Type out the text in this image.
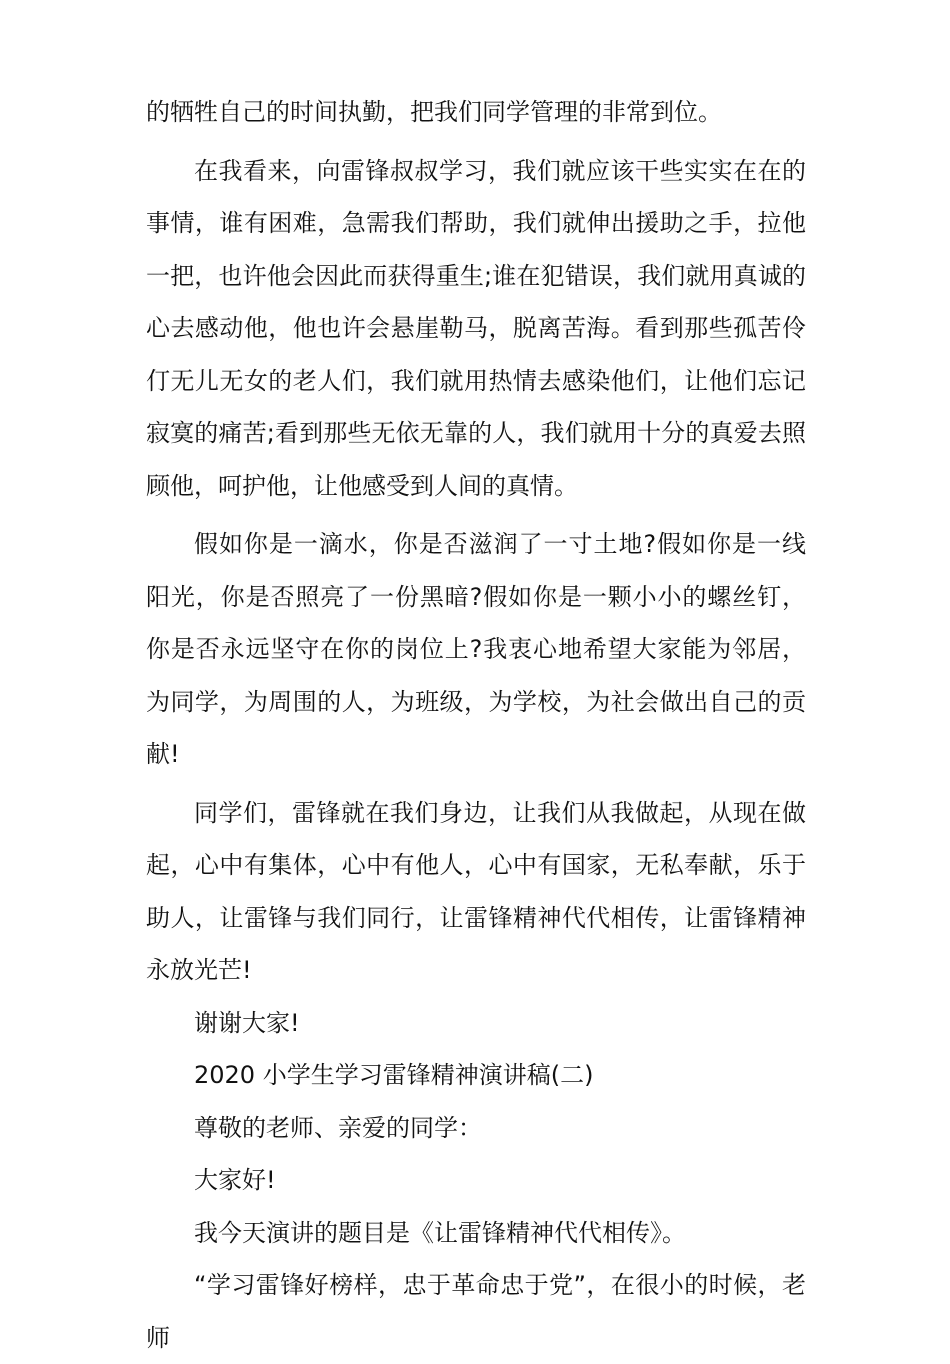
的牺牲自己的时间执勤，把我们同学管理的非常到位。

在我看来，向雷锋叔叔学习，我们就应该干些实实在在的事情，谁有困难，急需我们帮助，我们就伸出援助之手，拉他一把，也许他会因此而获得重生;谁在犯错误，我们就用真诚的心去感动他，他也许会悬崖勒马，脱离苦海。看到那些孤苦伶仃无儿无女的老人们，我们就用热情去感染他们，让他们忘记寂寞的痛苦;看到那些无依无靠的人，我们就用十分的真爱去照顾他，呵护他，让他感受到人间的真情。

假如你是一滴水，你是否滋润了一寸土地?假如你是一线阳光，你是否照亮了一份黑暗?假如你是一颗小小的螺丝钉，你是否永远坚守在你的岗位上?我衷心地希望大家能为邻居，为同学，为周围的人，为班级，为学校，为社会做出自己的贡献!

同学们，雷锋就在我们身边，让我们从我做起，从现在做起，心中有集体，心中有他人，心中有国家，无私奉献，乐于助人，让雷锋与我们同行，让雷锋精神代代相传，让雷锋精神永放光芒!

谢谢大家!

2020 小学生学习雷锋精神演讲稿(二)

尊敬的老师、亲爱的同学：

大家好!

我今天演讲的题目是《让雷锋精神代代相传》。

“学习雷锋好榜样，忠于革命忠于党”，在很小的时候，老师
